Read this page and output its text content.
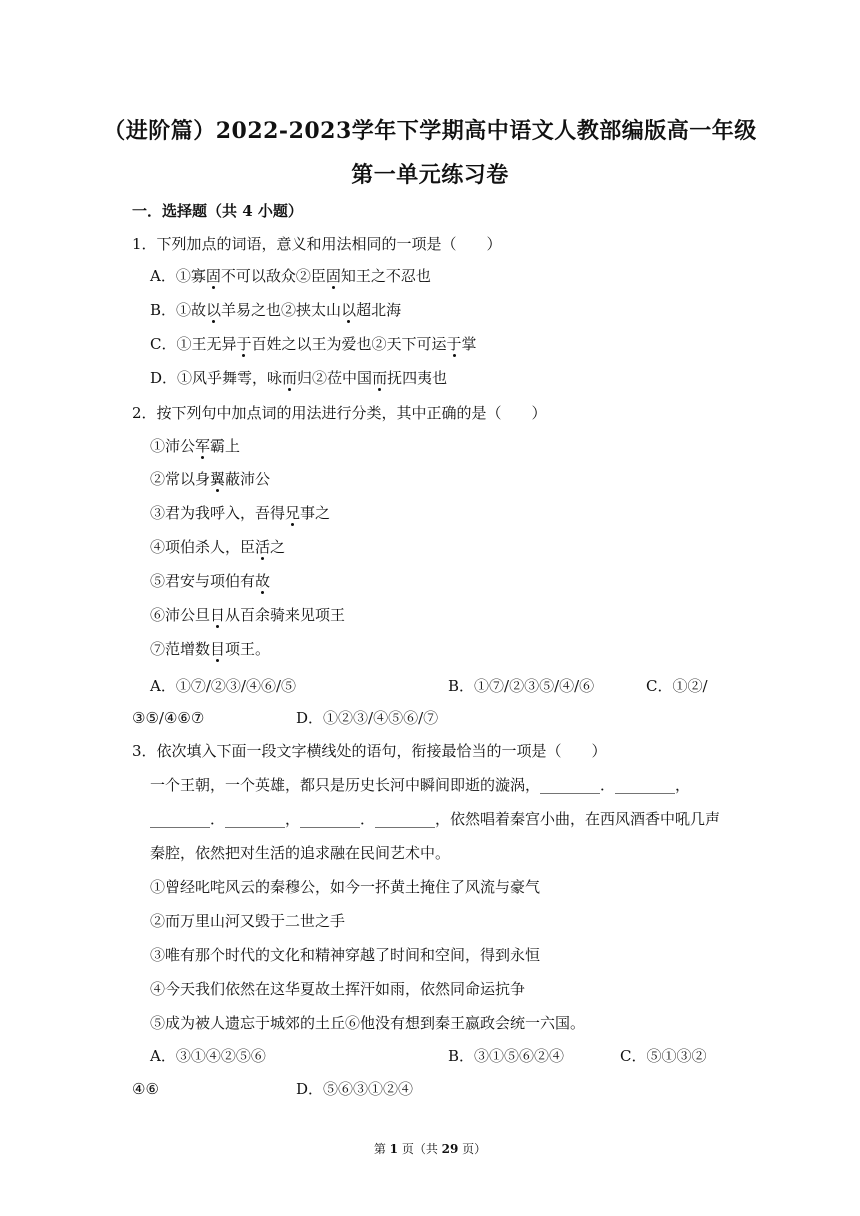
（进阶篇）2022-2023学年下学期高中语文人教部编版高一年级
第一单元练习卷
一．选择题（共 4 小题）
1．下列加点的词语，意义和用法相同的一项是（　　）
A．①寡固不可以敌众②臣固知王之不忍也
B．①故以羊易之也②挟太山以超北海
C．①王无异于百姓之以王为爱也②天下可运于掌
D．①风乎舞雩，咏而归②莅中国而抚四夷也
2．按下列句中加点词的用法进行分类，其中正确的是（　　）
①沛公军霸上
②常以身翼蔽沛公
③君为我呼入，吾得兄事之
④项伯杀人，臣活之
⑤君安与项伯有故
⑥沛公旦日从百余骑来见项王
⑦范增数目项王。
A．①⑦/②③/④⑥/⑤	B．①⑦/②③⑤/④/⑥	C．①②/
③⑤/④⑥⑦	D．①②③/④⑤⑥/⑦
3．依次填入下面一段文字横线处的语句，衔接最恰当的一项是（　　）
一个王朝，一个英雄，都只是历史长河中瞬间即逝的漩涡，________．________，
________．________，________．________，依然唱着秦宫小曲，在西风酒香中吼几声
秦腔，依然把对生活的追求融在民间艺术中。
①曾经叱咤风云的秦穆公，如今一抔黄土掩住了风流与豪气
②而万里山河又毁于二世之手
③唯有那个时代的文化和精神穿越了时间和空间，得到永恒
④今天我们依然在这华夏故土挥汗如雨，依然同命运抗争
⑤成为被人遗忘于城郊的土丘⑥他没有想到秦王嬴政会统一六国。
A．③①④②⑤⑥	B．③①⑤⑥②④	C．⑤①③②
④⑥	D．⑤⑥③①②④
第 1 页（共 29 页）
